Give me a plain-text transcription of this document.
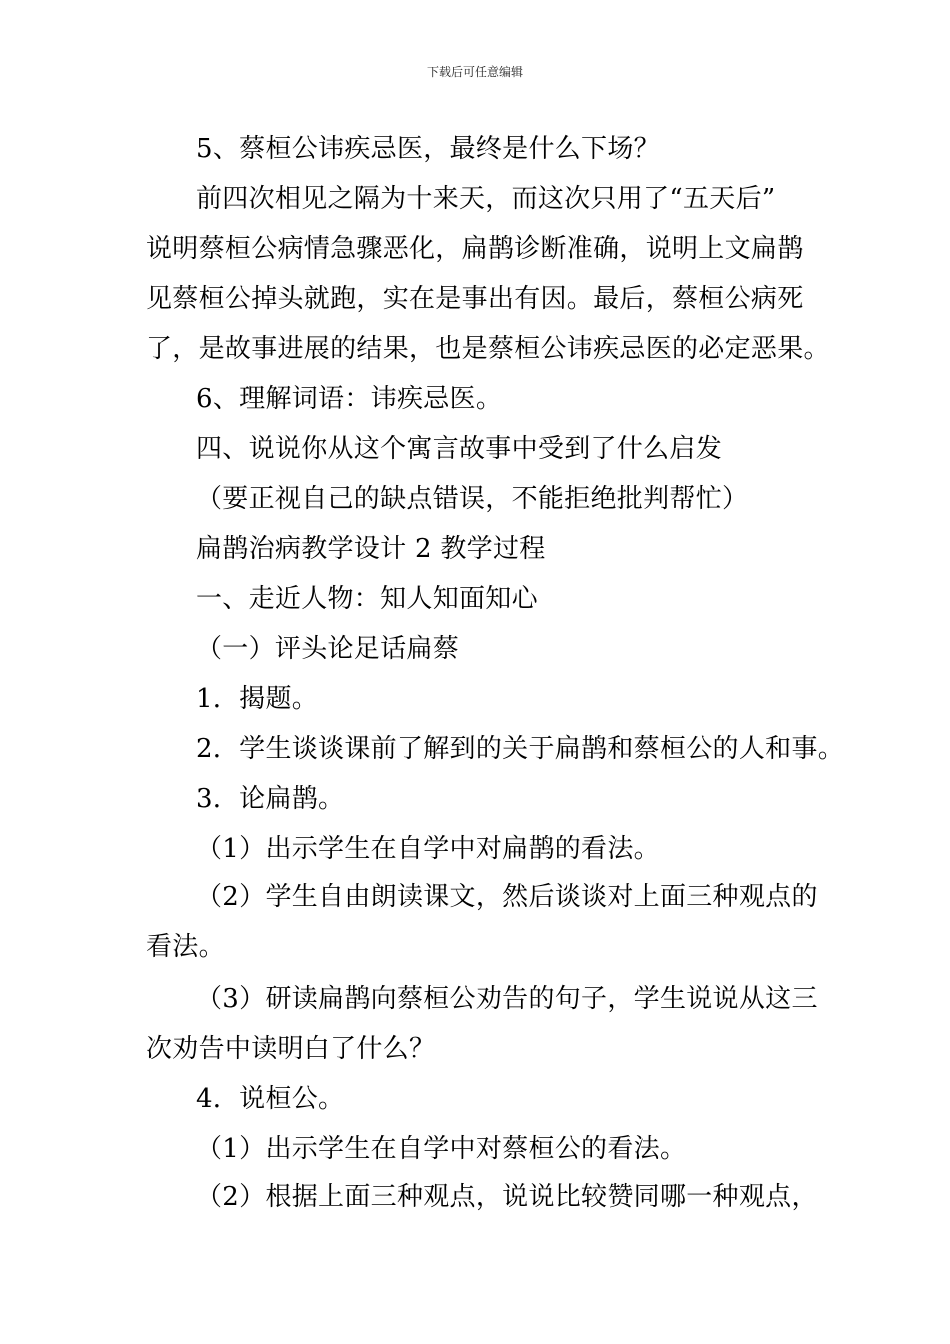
下载后可任意编辑
5、蔡桓公讳疾忌医，最终是什么下场？
前四次相见之隔为十来天，而这次只用了“五天后”
说明蔡桓公病情急骤恶化，扁鹊诊断准确，说明上文扁鹊
见蔡桓公掉头就跑，实在是事出有因。最后，蔡桓公病死
了，是故事进展的结果，也是蔡桓公讳疾忌医的必定恶果。
6、理解词语：讳疾忌医。
四、说说你从这个寓言故事中受到了什么启发
（要正视自己的缺点错误，不能拒绝批判帮忙）
扁鹊治病教学设计 2 教学过程
一、走近人物：知人知面知心
（一）评头论足话扁蔡
1．揭题。
2．学生谈谈课前了解到的关于扁鹊和蔡桓公的人和事。
3．论扁鹊。
（1）出示学生在自学中对扁鹊的看法。
（2）学生自由朗读课文，然后谈谈对上面三种观点的
看法。
（3）研读扁鹊向蔡桓公劝告的句子，学生说说从这三
次劝告中读明白了什么？
4．说桓公。
（1）出示学生在自学中对蔡桓公的看法。
（2）根据上面三种观点，说说比较赞同哪一种观点，
